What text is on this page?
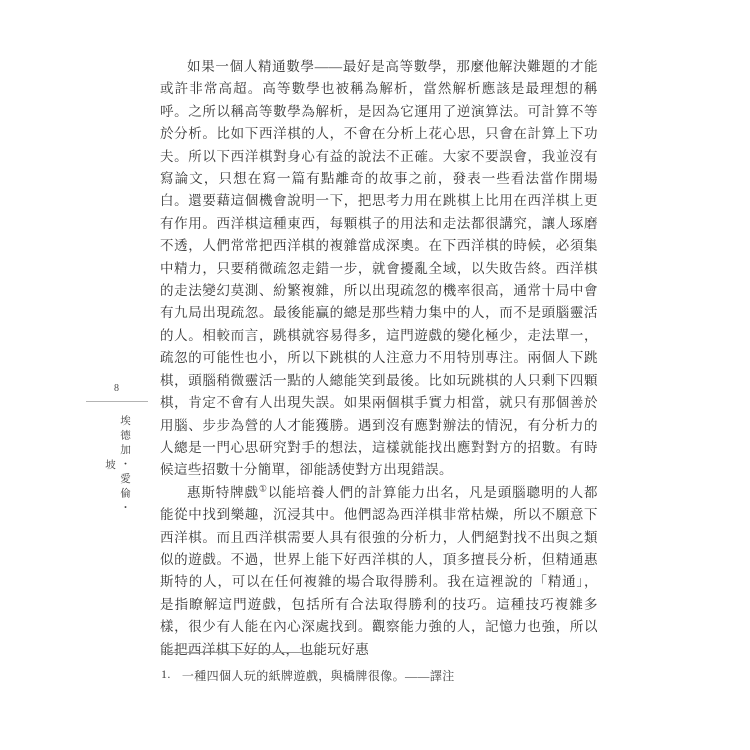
8
埃德加・愛倫・坡

如果一個人精通數學——最好是高等數學，那麼他解決難題的才能或許非常高超。高等數學也被稱為解析，當然解析應該是最理想的稱呼。之所以稱高等數學為解析，是因為它運用了逆演算法。可計算不等於分析。比如下西洋棋的人，不會在分析上花心思，只會在計算上下功夫。所以下西洋棋對身心有益的說法不正確。大家不要誤會，我並沒有寫論文，只想在寫一篇有點離奇的故事之前，發表一些看法當作開場白。還要藉這個機會說明一下，把思考力用在跳棋上比用在西洋棋上更有作用。西洋棋這種東西，每顆棋子的用法和走法都很講究，讓人琢磨不透，人們常常把西洋棋的複雜當成深奧。在下西洋棋的時候，必須集中精力，只要稍微疏忽走錯一步，就會擾亂全域，以失敗告終。西洋棋的走法變幻莫測、紛繁複雜，所以出現疏忽的機率很高，通常十局中會有九局出現疏忽。最後能贏的總是那些精力集中的人，而不是頭腦靈活的人。相較而言，跳棋就容易得多，這門遊戲的變化極少，走法單一，疏忽的可能性也小，所以下跳棋的人注意力不用特別專注。兩個人下跳棋，頭腦稍微靈活一點的人總能笑到最後。比如玩跳棋的人只剩下四顆棋，肯定不會有人出現失誤。如果兩個棋手實力相當，就只有那個善於用腦、步步為營的人才能獲勝。遇到沒有應對辦法的情況，有分析力的人總是一門心思研究對手的想法，這樣就能找出應對對方的招數。有時候這些招數十分簡單，卻能誘使對方出現錯誤。

惠斯特牌戲①以能培養人們的計算能力出名，凡是頭腦聰明的人都能從中找到樂趣，沉浸其中。他們認為西洋棋非常枯燥，所以不願意下西洋棋。而且西洋棋需要人具有很強的分析力，人們絕對找不出與之類似的遊戲。不過，世界上能下好西洋棋的人，頂多擅長分析，但精通惠斯特的人，可以在任何複雜的場合取得勝利。我在這裡說的「精通」，是指瞭解這門遊戲，包括所有合法取得勝利的技巧。這種技巧複雜多樣，很少有人能在內心深處找到。觀察能力強的人，記憶力也強，所以能把西洋棋下好的人，也能玩好惠

1. 一種四個人玩的紙牌遊戲，與橋牌很像。——譯注
